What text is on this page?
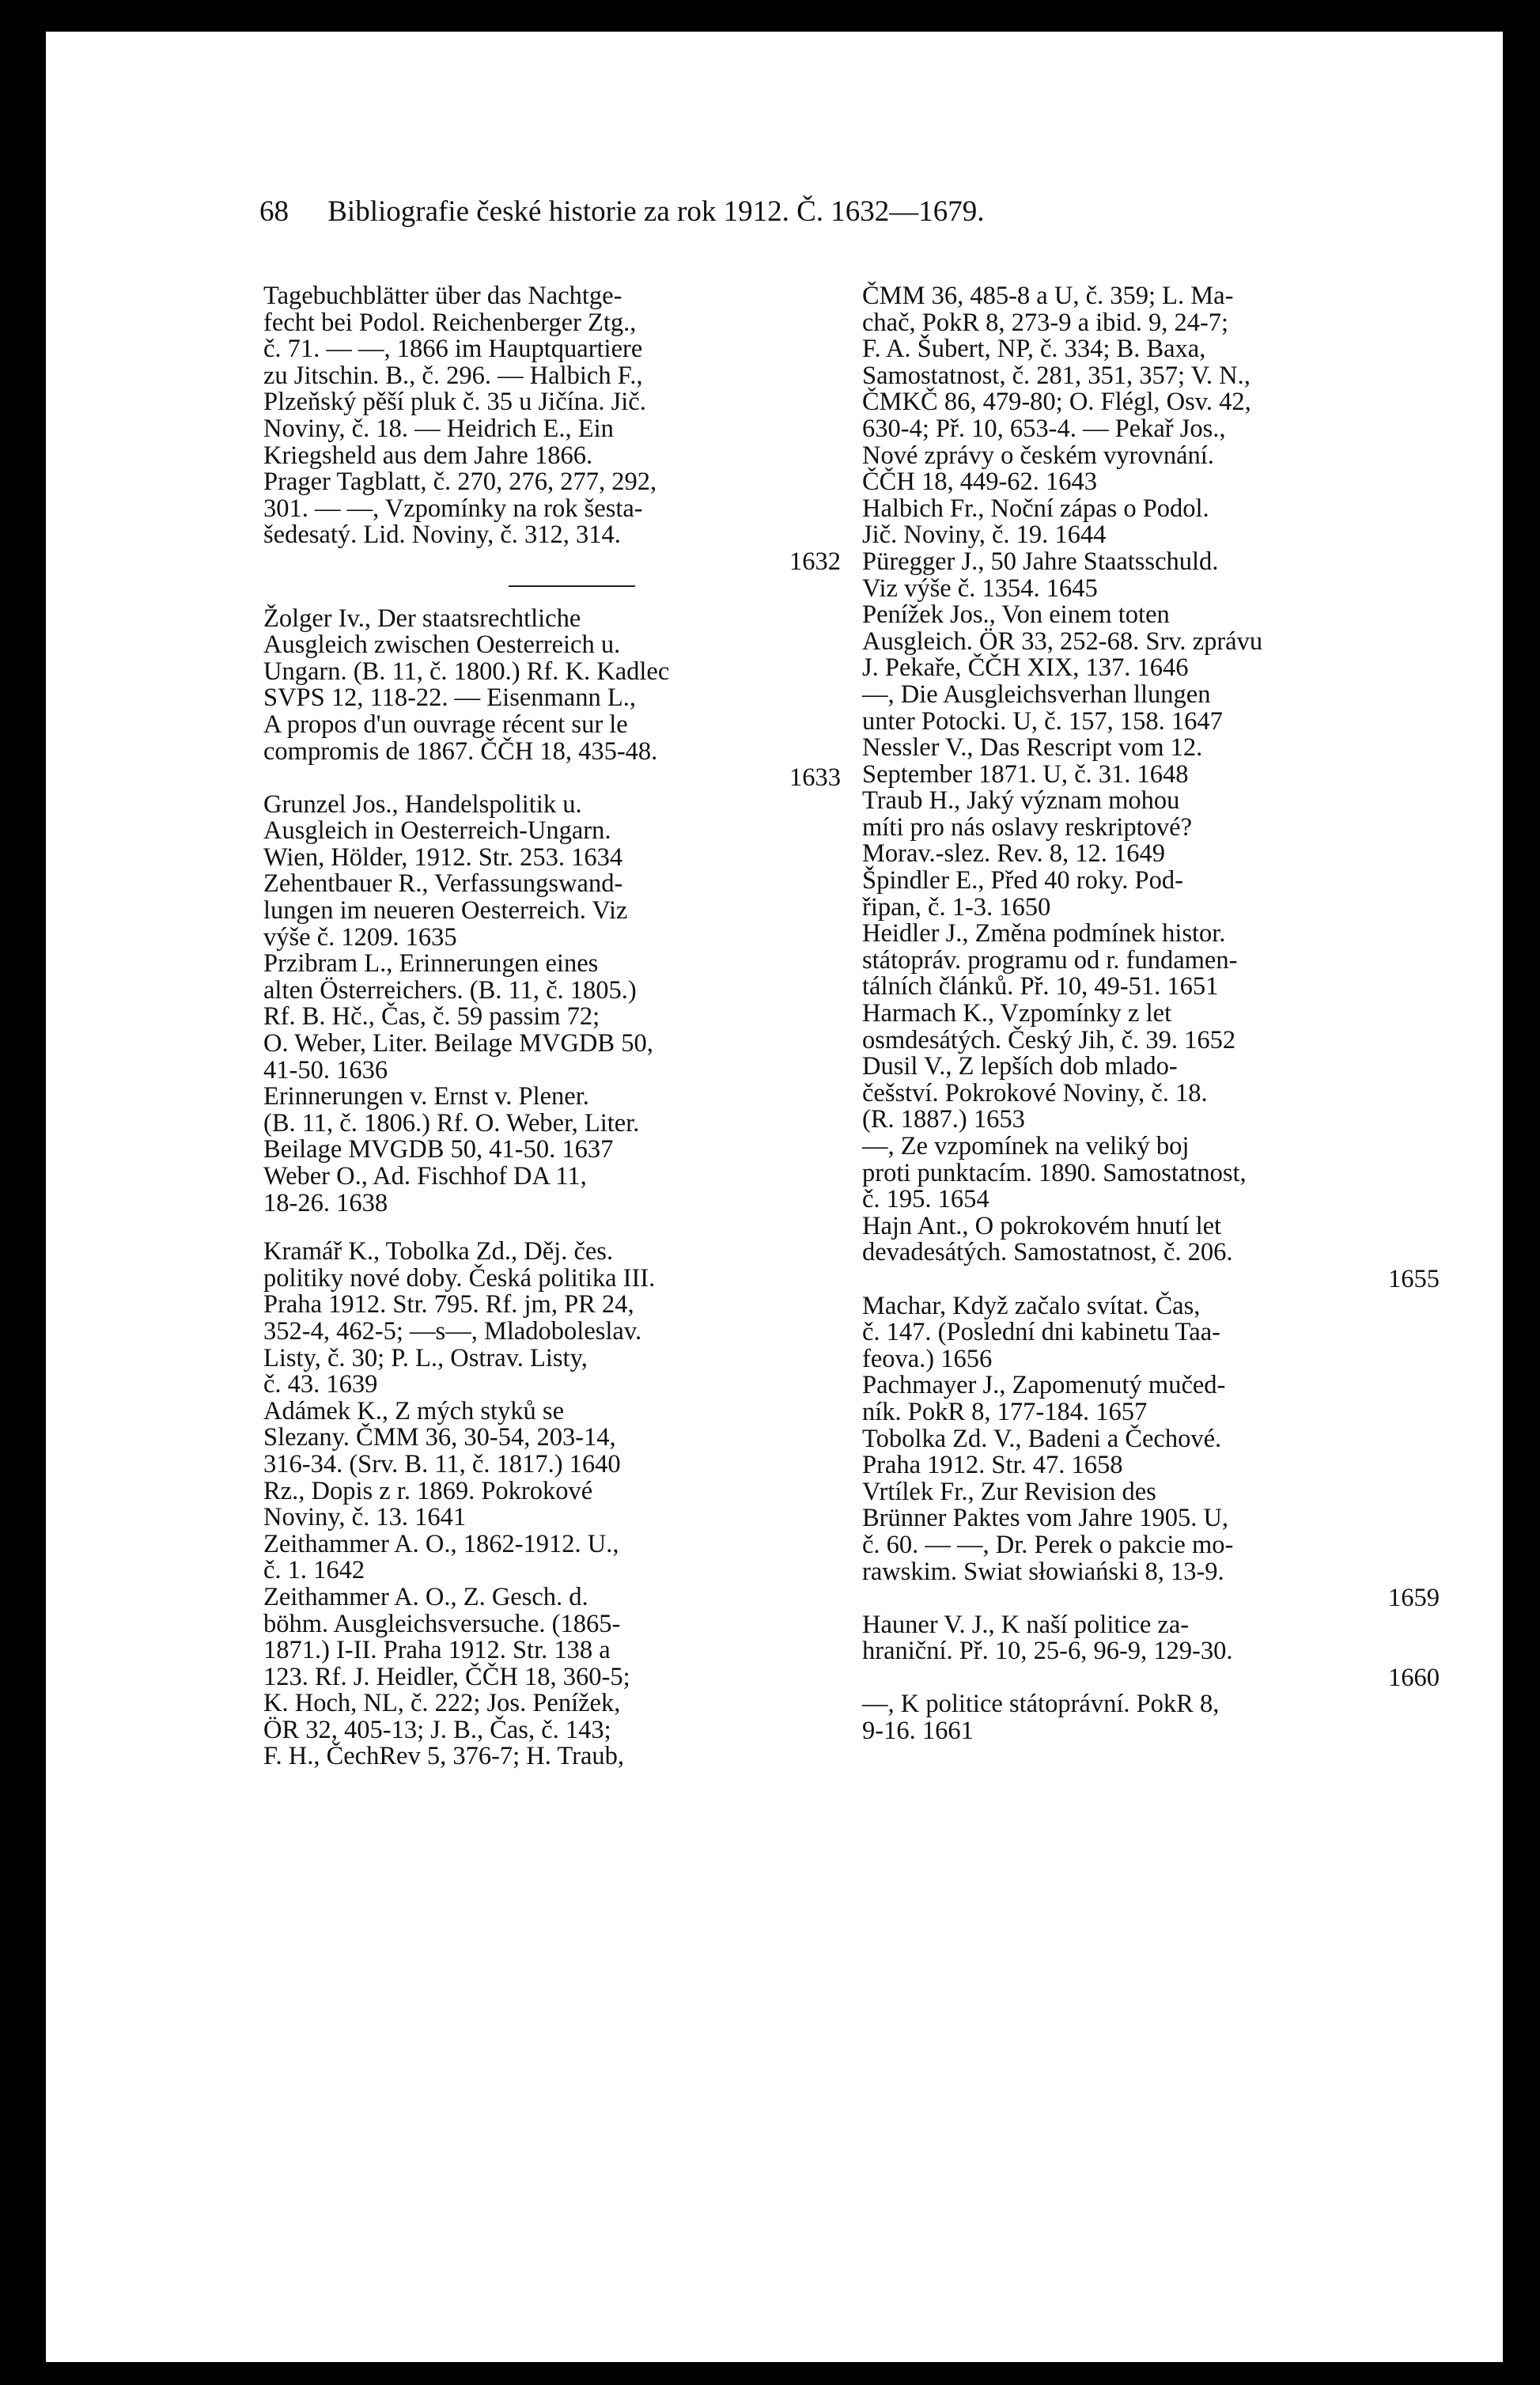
68 Bibliografie české historie za rok 1912. Č. 1632—1679.
Tagebuchblätter über das Nachtge-
fecht bei Podol. Reichenberger Ztg.,
č. 71. — —, 1866 im Hauptquartiere
zu Jitschin. B., č. 296. — Halbich F.,
Plzeňský pěší pluk č. 35 u Jičína. Jič.
Noviny, č. 18. — Heidrich E., Ein
Kriegsheld aus dem Jahre 1866.
Prager Tagblatt, č. 270, 276, 277, 292,
301. — —, Vzpomínky na rok šesta-
šedesatý. Lid. Noviny, č. 312, 314.
1632
Žolger Iv., Der staatsrechtliche
Ausgleich zwischen Oesterreich u.
Ungarn. (B. 11, č. 1800.) Rf. K. Kadlec
SVPS 12, 118-22. — Eisenmann L.,
A propos d'un ouvrage récent sur le
compromis de 1867. ČČH 18, 435-48.
1633
Grunzel Jos., Handelspolitik u.
Ausgleich in Oesterreich-Ungarn.
Wien, Hölder, 1912. Str. 253. 1634
Zehentbauer R., Verfassungswand-
lungen im neueren Oesterreich. Viz
výše č. 1209. 1635
Przibram L., Erinnerungen eines
alten Österreichers. (B. 11, č. 1805.)
Rf. B. Hč., Čas, č. 59 passim 72;
O. Weber, Liter. Beilage MVGDB 50,
41-50. 1636
Erinnerungen v. Ernst v. Plener.
(B. 11, č. 1806.) Rf. O. Weber, Liter.
Beilage MVGDB 50, 41-50. 1637
Weber O., Ad. Fischhof DA 11,
18-26. 1638
Kramář K., Tobolka Zd., Děj. čes.
politiky nové doby. Česká politika III.
Praha 1912. Str. 795. Rf. jm, PR 24,
352-4, 462-5; —s—, Mladoboleslav.
Listy, č. 30; P. L., Ostrav. Listy,
č. 43. 1639
Adámek K., Z mých styků se
Slezany. ČMM 36, 30-54, 203-14,
316-34. (Srv. B. 11, č. 1817.) 1640
Rz., Dopis z r. 1869. Pokrokové
Noviny, č. 13. 1641
Zeithammer A. O., 1862-1912. U.,
č. 1. 1642
Zeithammer A. O., Z. Gesch. d.
böhm. Ausgleichsversuche. (1865-
1871.) I-II. Praha 1912. Str. 138 a
123. Rf. J. Heidler, ČČH 18, 360-5;
K. Hoch, NL, č. 222; Jos. Penížek,
ÖR 32, 405-13; J. B., Čas, č. 143;
F. H., ČechRev 5, 376-7; H. Traub,
ČMM 36, 485-8 a U, č. 359; L. Ma-
chač, PokR 8, 273-9 a ibid. 9, 24-7;
F. A. Šubert, NP, č. 334; B. Baxa,
Samostatnost, č. 281, 351, 357; V. N.,
ČMKČ 86, 479-80; O. Flégl, Osv. 42,
630-4; Př. 10, 653-4. — Pekař Jos.,
Nové zprávy o českém vyrovnání.
ČČH 18, 449-62. 1643
Halbich Fr., Noční zápas o Podol.
Jič. Noviny, č. 19. 1644
Püregger J., 50 Jahre Staatsschuld.
Viz výše č. 1354. 1645
Penížek Jos., Von einem toten
Ausgleich. ÖR 33, 252-68. Srv. zprávu
J. Pekaře, ČČH XIX, 137. 1646
—, Die Ausgleichsverhan llungen
unter Potocki. U, č. 157, 158. 1647
Nessler V., Das Rescript vom 12.
September 1871. U, č. 31. 1648
Traub H., Jaký význam mohou
míti pro nás oslavy reskriptové?
Morav.-slez. Rev. 8, 12. 1649
Špindler E., Před 40 roky. Pod-
řipan, č. 1-3. 1650
Heidler J., Změna podmínek histor.
státopráv. programu od r. fundamen-
tálních článků. Př. 10, 49-51. 1651
Harmach K., Vzpomínky z let
osmdesátých. Český Jih, č. 39. 1652
Dusil V., Z lepších dob mlado-
češství. Pokrokové Noviny, č. 18.
(R. 1887.) 1653
—, Ze vzpomínek na veliký boj
proti punktacím. 1890. Samostatnost,
č. 195. 1654
Hajn Ant., O pokrokovém hnutí let
devadesátých. Samostatnost, č. 206.
1655
Machar, Když začalo svítat. Čas,
č. 147. (Poslední dni kabinetu Taa-
feova.) 1656
Pachmayer J., Zapomenutý mučed-
ník. PokR 8, 177-184. 1657
Tobolka Zd. V., Badeni a Čechové.
Praha 1912. Str. 47. 1658
Vrtílek Fr., Zur Revision des
Brünner Paktes vom Jahre 1905. U,
č. 60. — —, Dr. Perek o pakcie mo-
rawskim. Swiat słowiański 8, 13-9.
1659
Hauner V. J., K naší politice za-
hraniční. Př. 10, 25-6, 96-9, 129-30.
1660
—, K politice státoprávní. PokR 8,
9-16. 1661
